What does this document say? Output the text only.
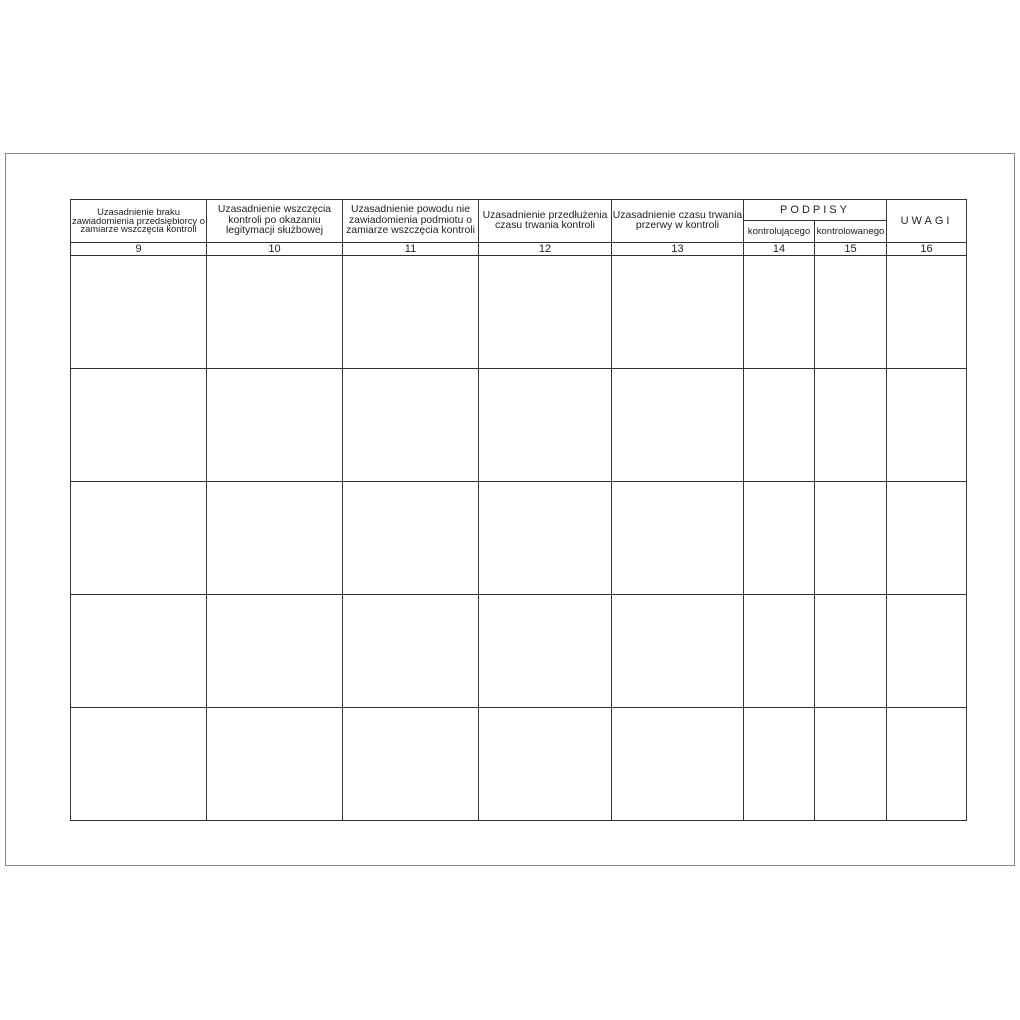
Uzasadnienie braku zawiadomienia przedsiębiorcy o zamiarze wszczęcia kontroli	Uzasadnienie wszczęcia kontroli po okazaniu legitymacji służbowej	Uzasadnienie powodu nie zawiadomienia podmiotu o zamiarze wszczęcia kontroli	Uzasadnienie przedłużenia czasu trwania kontroli	Uzasadnienie czasu trwania przerwy w kontroli	PODPISY		UWAGI
					kontrolującego	kontrolowanego	
9	10	11	12	13	14	15	16
